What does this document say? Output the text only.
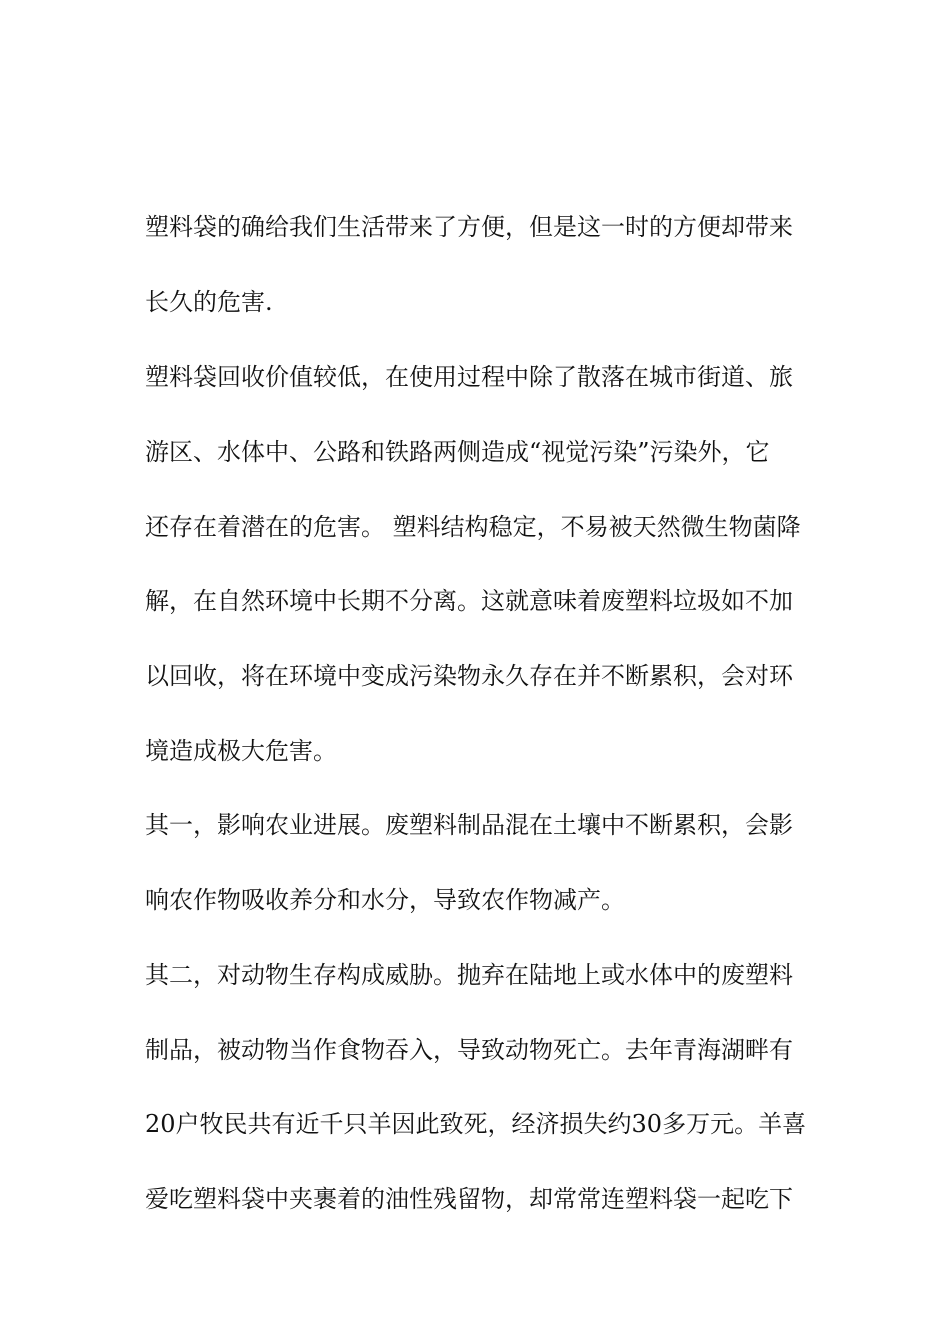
塑料袋的确给我们生活带来了方便，但是这一时的方便却带来
长久的危害.
塑料袋回收价值较低，在使用过程中除了散落在城市街道、旅
游区、水体中、公路和铁路两侧造成“视觉污染”污染外，它
还存在着潜在的危害。 塑料结构稳定，不易被天然微生物菌降
解，在自然环境中长期不分离。这就意味着废塑料垃圾如不加
以回收，将在环境中变成污染物永久存在并不断累积，会对环
境造成极大危害。
其一，影响农业进展。废塑料制品混在土壤中不断累积，会影
响农作物吸收养分和水分，导致农作物减产。
其二，对动物生存构成威胁。抛弃在陆地上或水体中的废塑料
制品，被动物当作食物吞入，导致动物死亡。去年青海湖畔有
20户牧民共有近千只羊因此致死，经济损失约30多万元。羊喜
爱吃塑料袋中夹裹着的油性残留物，却常常连塑料袋一起吃下
